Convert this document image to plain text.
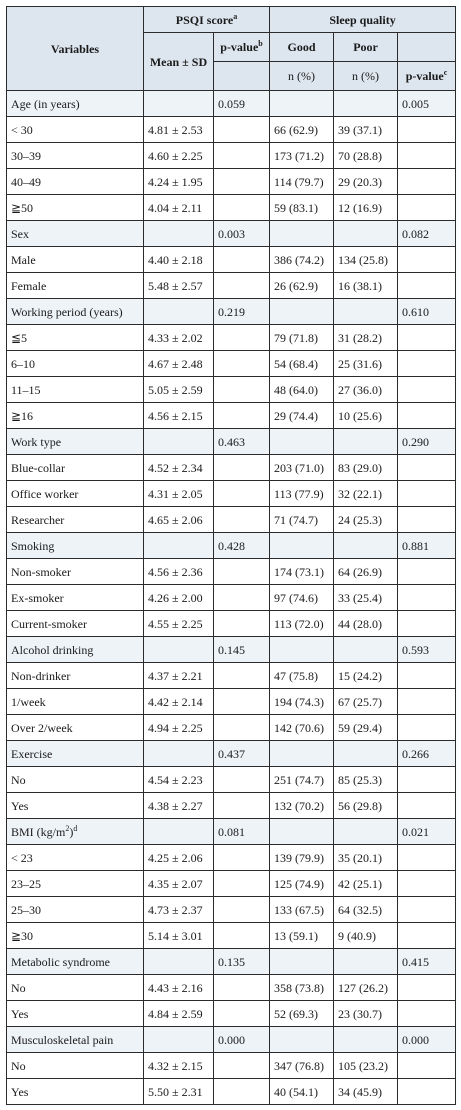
Variables	PSQI score$^a$		Sleep quality		
	Mean ± SD	p-value$^b$	Good	Poor	
			n (%)	n (%)	p-value$^c$
Age (in years)		0.059			0.005
< 30	4.81 ± 2.53		66 (62.9)	39 (37.1)	
30–39	4.60 ± 2.25		173 (71.2)	70 (28.8)	
40–49	4.24 ± 1.95		114 (79.7)	29 (20.3)	
≧50	4.04 ± 2.11		59 (83.1)	12 (16.9)	
Sex		0.003			0.082
Male	4.40 ± 2.18		386 (74.2)	134 (25.8)	
Female	5.48 ± 2.57		26 (62.9)	16 (38.1)	
Working period (years)		0.219			0.610
≦5	4.33 ± 2.02		79 (71.8)	31 (28.2)	
6–10	4.67 ± 2.48		54 (68.4)	25 (31.6)	
11–15	5.05 ± 2.59		48 (64.0)	27 (36.0)	
≧16	4.56 ± 2.15		29 (74.4)	10 (25.6)	
Work type		0.463			0.290
Blue-collar	4.52 ± 2.34		203 (71.0)	83 (29.0)	
Office worker	4.31 ± 2.05		113 (77.9)	32 (22.1)	
Researcher	4.65 ± 2.06		71 (74.7)	24 (25.3)	
Smoking		0.428			0.881
Non-smoker	4.56 ± 2.36		174 (73.1)	64 (26.9)	
Ex-smoker	4.26 ± 2.00		97 (74.6)	33 (25.4)	
Current-smoker	4.55 ± 2.25		113 (72.0)	44 (28.0)	
Alcohol drinking		0.145			0.593
Non-drinker	4.37 ± 2.21		47 (75.8)	15 (24.2)	
1/week	4.42 ± 2.14		194 (74.3)	67 (25.7)	
Over 2/week	4.94 ± 2.25		142 (70.6)	59 (29.4)	
Exercise		0.437			0.266
No	4.54 ± 2.23		251 (74.7)	85 (25.3)	
Yes	4.38 ± 2.27		132 (70.2)	56 (29.8)	
BMI $(kg/m^2)^d$		0.081			0.021
< 23	4.25 ± 2.06		139 (79.9)	35 (20.1)	
23–25	4.35 ± 2.07		125 (74.9)	42 (25.1)	
25–30	4.73 ± 2.37		133 (67.5)	64 (32.5)	
≧30	5.14 ± 3.01		13 (59.1)	9 (40.9)	
Metabolic syndrome		0.135			0.415
No	4.43 ± 2.16		358 (73.8)	127 (26.2)	
Yes	4.84 ± 2.59		52 (69.3)	23 (30.7)	
Musculoskeletal pain		0.000			0.000
No	4.32 ± 2.15		347 (76.8)	105 (23.2)	
Yes	5.50 ± 2.31		40 (54.1)	34 (45.9)	
